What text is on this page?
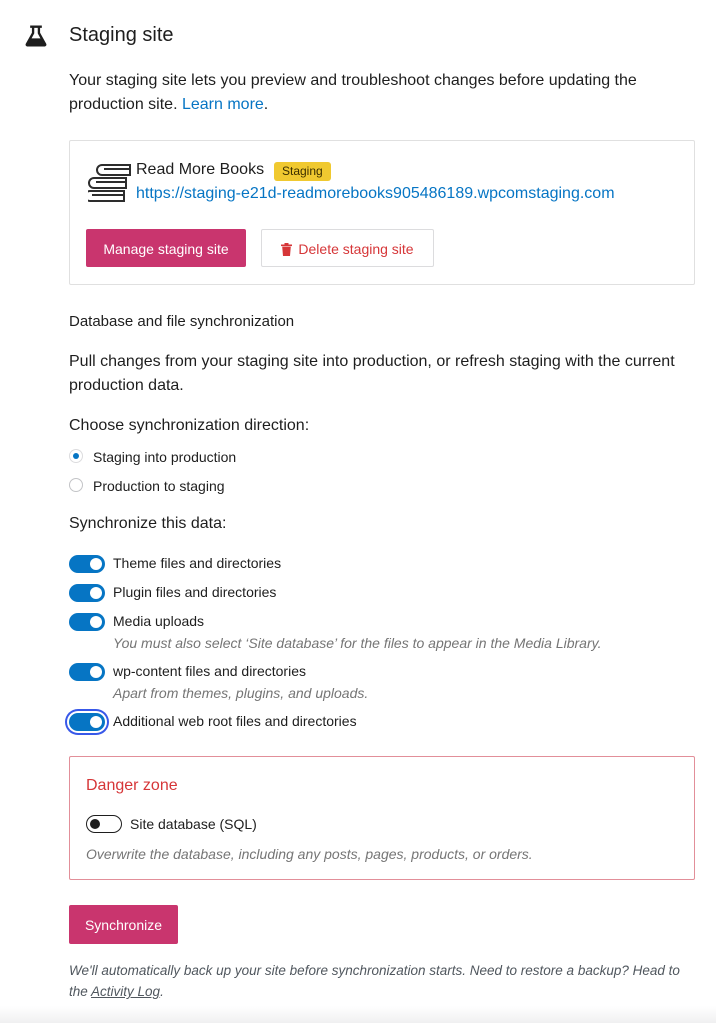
Staging site
Your staging site lets you preview and troubleshoot changes before updating the production site. Learn more.
Read More Books	Staging
https://staging-e21d-readmorebooks905486189.wpcomstaging.com
Manage staging site	Delete staging site
Database and file synchronization
Pull changes from your staging site into production, or refresh staging with the current production data.
Choose synchronization direction:
Staging into production
Production to staging
Synchronize this data:
Theme files and directories
Plugin files and directories
Media uploads
You must also select ‘Site database’ for the files to appear in the Media Library.
wp-content files and directories
Apart from themes, plugins, and uploads.
Additional web root files and directories
Danger zone
Site database (SQL)
Overwrite the database, including any posts, pages, products, or orders.
Synchronize
We'll automatically back up your site before synchronization starts. Need to restore a backup? Head to the Activity Log.
